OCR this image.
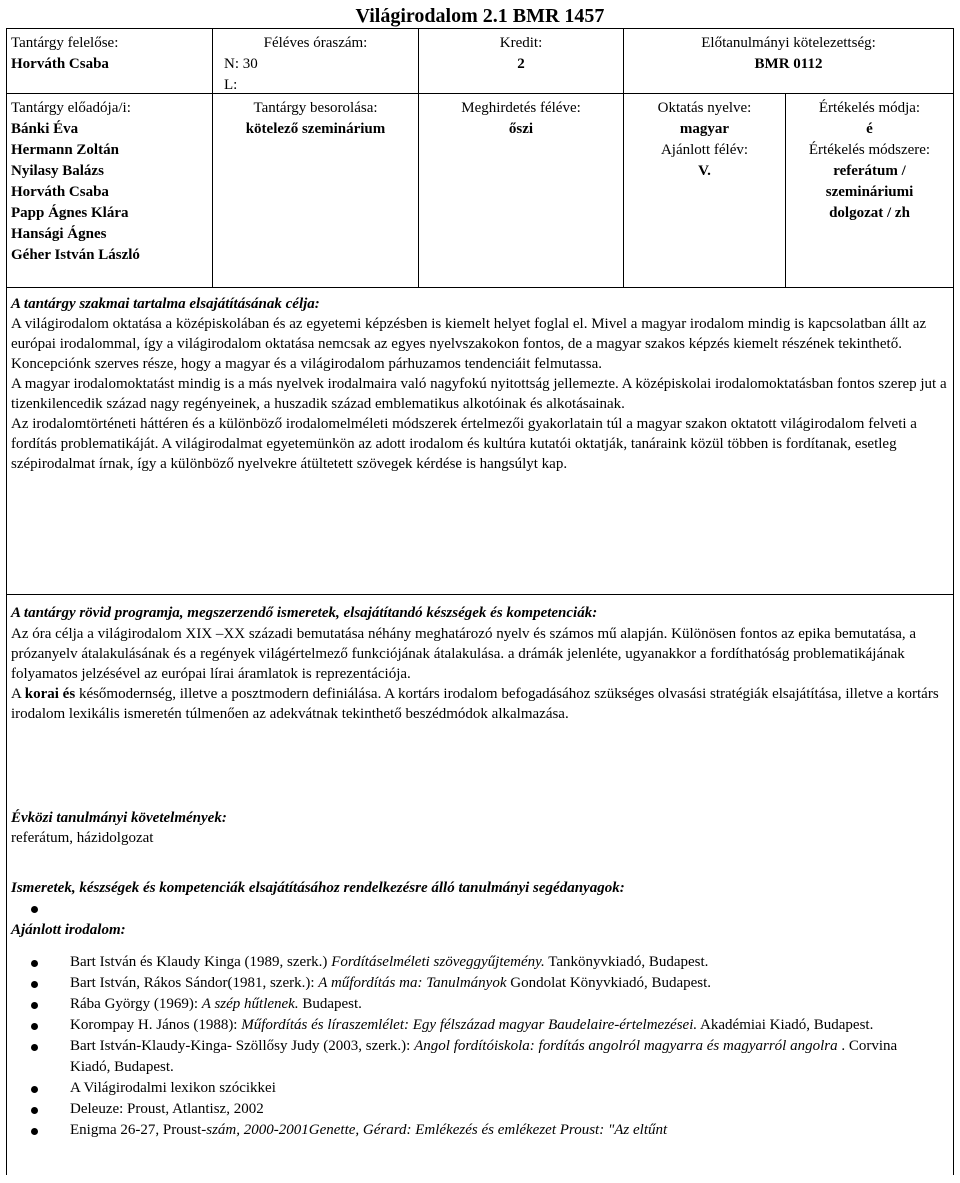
Világirodalom 2.1 BMR 1457
Tantárgy felelőse:
Horváth Csaba
Féléves óraszám:
N: 30
L:
Kredit:
2
Előtanulmányi kötelezettség:
BMR 0112
Tantárgy előadója/i:
Bánki Éva
Hermann Zoltán
Nyilasy Balázs
Horváth Csaba
Papp Ágnes Klára
Hansági Ágnes
Géher István László
Tantárgy besorolása:
kötelező szeminárium
Meghirdetés féléve:
őszi
Oktatás nyelve:
magyar
Ajánlott félév:
V.
Értékelés módja:
é
Értékelés módszere:
referátum / szemináriumi dolgozat / zh

A tantárgy szakmai tartalma elsajátításának célja:

A világirodalom oktatása a középiskolában és az egyetemi képzésben is kiemelt helyet foglal el. Mivel a magyar irodalom mindig is kapcsolatban állt az európai irodalommal, így a világirodalom oktatása nemcsak az egyes nyelvszakokon fontos, de a magyar szakos képzés kiemelt részének tekinthető. Koncepciónk szerves része, hogy a magyar és a világirodalom párhuzamos tendenciáit felmutassa.

A magyar irodalomoktatást mindig is a más nyelvek irodalmaira való nagyfokú nyitottság jellemezte. A középiskolai irodalomoktatásban fontos szerep jut a tizenkilencedik század nagy regényeinek, a huszadik század emblematikus alkotóinak és alkotásainak.

Az irodalomtörténeti háttéren és a különböző irodalomelméleti módszerek értelmezői gyakorlatain túl a magyar szakon oktatott világirodalom felveti a fordítás problematikáját. A világirodalmat egyetemünkön az adott irodalom és kultúra kutatói oktatják, tanáraink közül többen is fordítanak, esetleg szépirodalmat írnak, így a különböző nyelvekre átültetett szövegek kérdése is hangsúlyt kap.

A tantárgy rövid programja, megszerzendő ismeretek, elsajátítandó készségek és kompetenciák:

Az óra célja a világirodalom XIX –XX századi bemutatása néhány meghatározó nyelv és számos mű alapján. Különösen fontos az epika bemutatása, a prózanyelv átalakulásának és a regények világértelmező funkciójának átalakulása. a drámák jelenléte, ugyanakkor a fordíthatóság problematikájának folyamatos jelzésével az európai lírai áramlatok is reprezentációja.

A korai és későmodernség, illetve a posztmodern definiálása. A kortárs irodalom befogadásához szükséges olvasási stratégiák elsajátítása, illetve a kortárs irodalom lexikális ismeretén túlmenően az adekvátnak tekinthető beszédmódok alkalmazása.

Évközi tanulmányi követelmények:

referátum, házidolgozat

Ismeretek, készségek és kompetenciák elsajátításához rendelkezésre álló tanulmányi segédanyagok:

Ajánlott irodalom:

Bart István és Klaudy Kinga (1989, szerk.) Fordításelméleti szöveggyűjtemény. Tankönyvkiadó, Budapest.
Bart István, Rákos Sándor(1981, szerk.): A műfordítás ma: Tanulmányok Gondolat Könyvkiadó, Budapest.
Rába György (1969): A szép hűtlenek. Budapest.
Korompay H. János (1988): Műfordítás és líraszemlélet: Egy félszázad magyar Baudelaire-értelmezései. Akadémiai Kiadó, Budapest.
Bart István-Klaudy-Kinga- Szöllősy Judy (2003, szerk.): Angol fordítóiskola: fordítás angolról magyarra és magyarról angolra . Corvina Kiadó, Budapest.
A Világirodalmi lexikon szócikkei
Deleuze: Proust, Atlantisz, 2002
Enigma 26-27, Proust-szám, 2000-2001Genette, Gérard: Emlékezés és emlékezet Proust: "Az eltűnt
